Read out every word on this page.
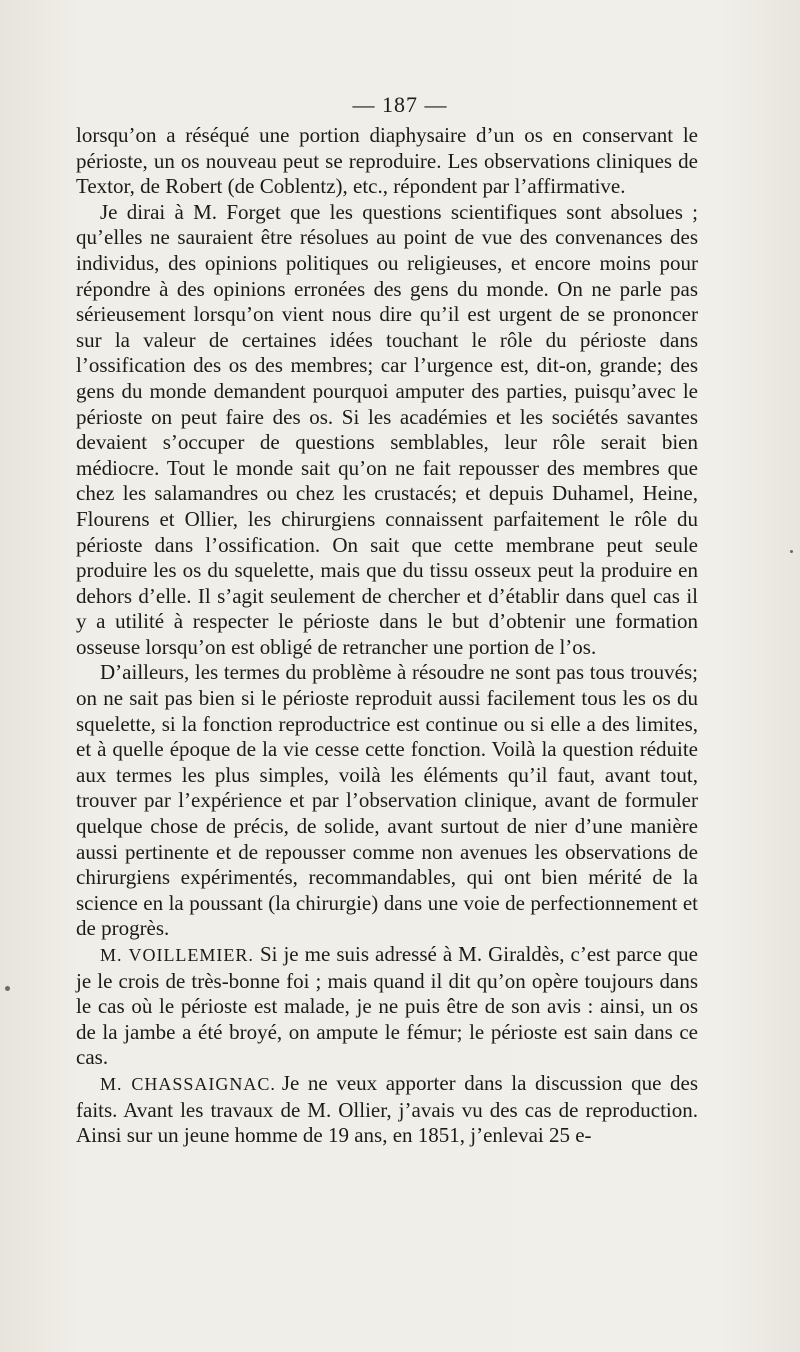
— 187 —

lorsqu’on a réséqué une portion diaphysaire d’un os en conservant le périoste, un os nouveau peut se reproduire. Les observations cliniques de Textor, de Robert (de Coblentz), etc., répondent par l’affirmative.

Je dirai à M. Forget que les questions scientifiques sont absolues ; qu’elles ne sauraient être résolues au point de vue des convenances des individus, des opinions politiques ou religieuses, et encore moins pour répondre à des opinions erronées des gens du monde. On ne parle pas sérieusement lorsqu’on vient nous dire qu’il est urgent de se prononcer sur la valeur de certaines idées touchant le rôle du périoste dans l’ossification des os des membres; car l’urgence est, dit-on, grande; des gens du monde demandent pourquoi amputer des parties, puisqu’avec le périoste on peut faire des os. Si les académies et les sociétés savantes devaient s’occuper de questions semblables, leur rôle serait bien médiocre. Tout le monde sait qu’on ne fait repousser des membres que chez les salamandres ou chez les crustacés; et depuis Duhamel, Heine, Flourens et Ollier, les chirurgiens connaissent parfaitement le rôle du périoste dans l’ossification. On sait que cette membrane peut seule produire les os du squelette, mais que du tissu osseux peut la produire en dehors d’elle. Il s’agit seulement de chercher et d’établir dans quel cas il y a utilité à respecter le périoste dans le but d’obtenir une formation osseuse lorsqu’on est obligé de retrancher une portion de l’os.

D’ailleurs, les termes du problème à résoudre ne sont pas tous trouvés; on ne sait pas bien si le périoste reproduit aussi facilement tous les os du squelette, si la fonction reproductrice est continue ou si elle a des limites, et à quelle époque de la vie cesse cette fonction. Voilà la question réduite aux termes les plus simples, voilà les éléments qu’il faut, avant tout, trouver par l’expérience et par l’observation clinique, avant de formuler quelque chose de précis, de solide, avant surtout de nier d’une manière aussi pertinente et de repousser comme non avenues les observations de chirurgiens expérimentés, recommandables, qui ont bien mérité de la science en la poussant (la chirurgie) dans une voie de perfectionnement et de progrès.

M. VOILLEMIER. Si je me suis adressé à M. Giraldès, c’est parce que je le crois de très-bonne foi ; mais quand il dit qu’on opère toujours dans le cas où le périoste est malade, je ne puis être de son avis : ainsi, un os de la jambe a été broyé, on ampute le fémur; le périoste est sain dans ce cas.

M. CHASSAIGNAC. Je ne veux apporter dans la discussion que des faits. Avant les travaux de M. Ollier, j’avais vu des cas de reproduction. Ainsi sur un jeune homme de 19 ans, en 1851, j’enlevai 25 e-
